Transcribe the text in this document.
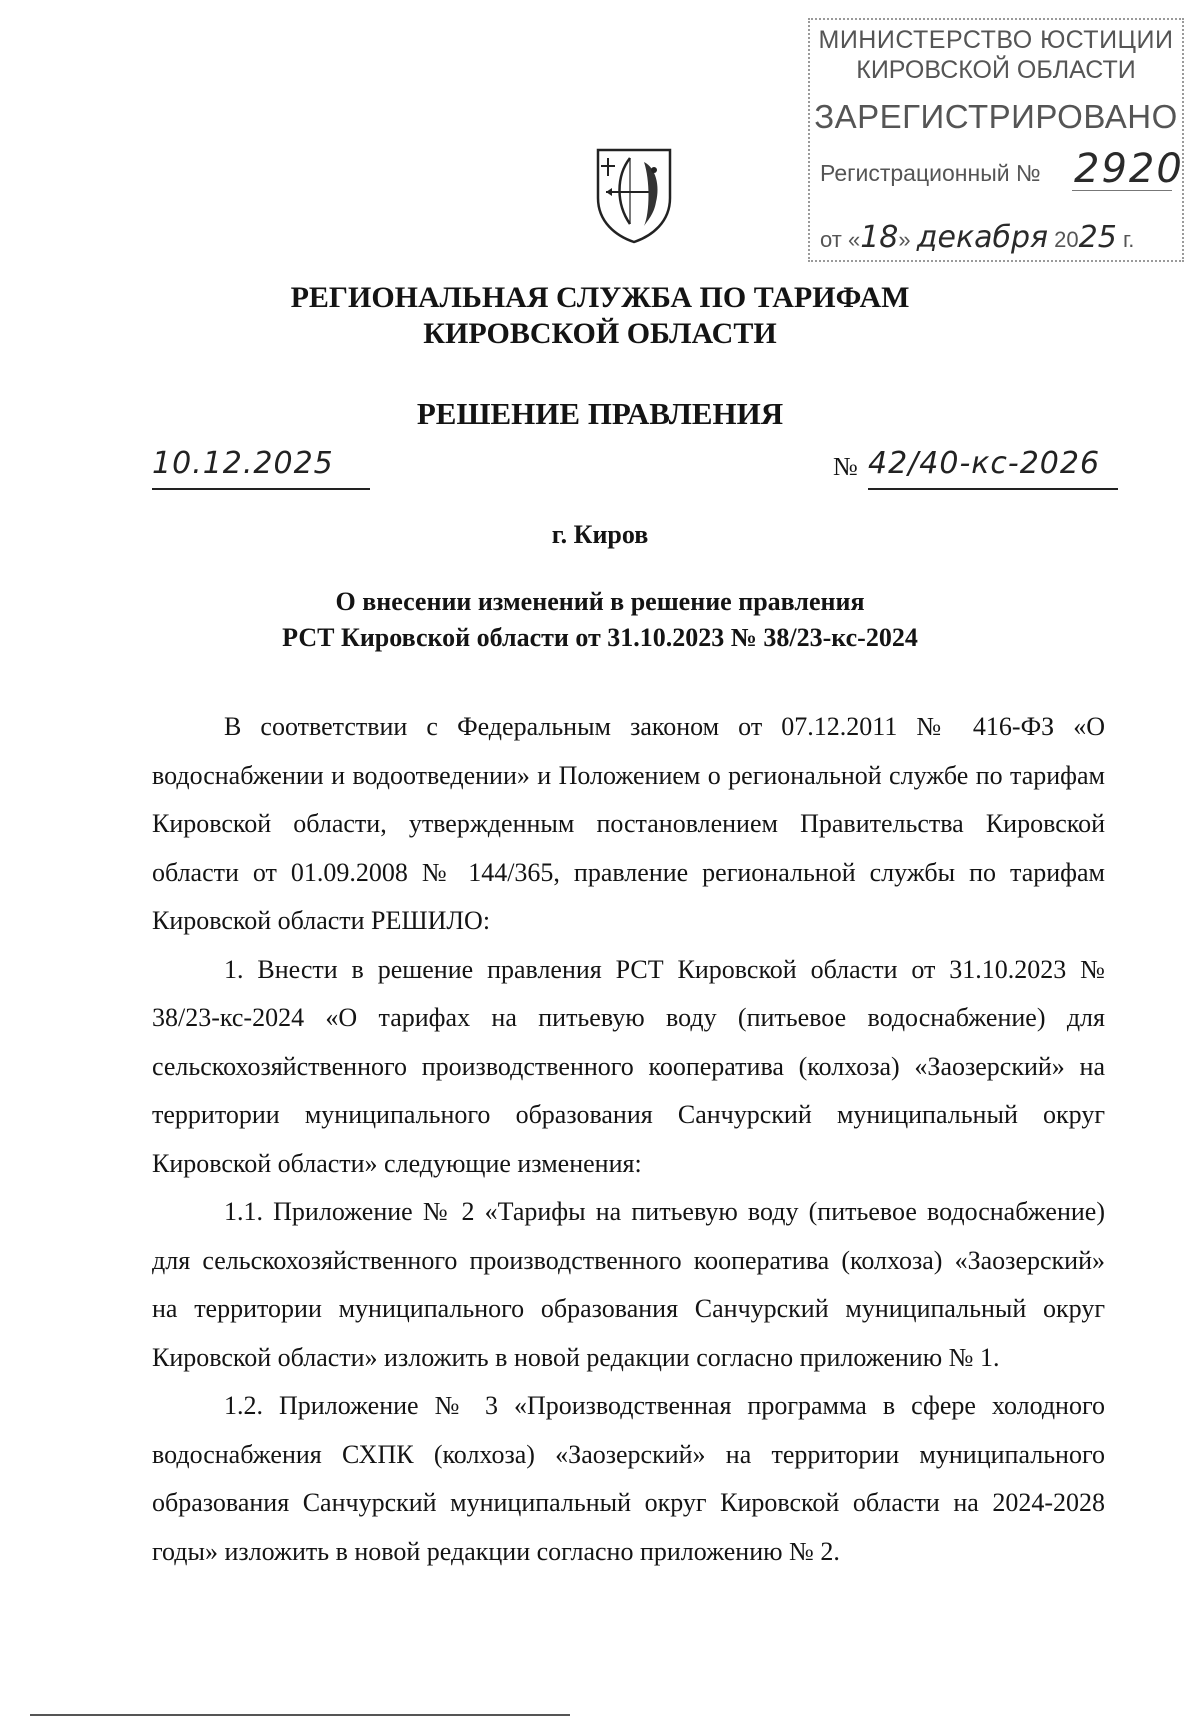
МИНИСТЕРСТВО ЮСТИЦИИ
КИРОВСКОЙ ОБЛАСТИ
ЗАРЕГИСТРИРОВАНО
Регистрационный № 2920
от «18» декабря 2025 г.
РЕГИОНАЛЬНАЯ СЛУЖБА ПО ТАРИФАМ
КИРОВСКОЙ ОБЛАСТИ
РЕШЕНИЕ ПРАВЛЕНИЯ
10.12.2025	№ 42/40-кс-2026
г. Киров
О внесении изменений в решение правления
РСТ Кировской области от 31.10.2023 № 38/23-кс-2024

В соответствии с Федеральным законом от 07.12.2011 № 416-ФЗ «О водоснабжении и водоотведении» и Положением о региональной службе по тарифам Кировской области, утвержденным постановлением Правительства Кировской области от 01.09.2008 № 144/365, правление региональной службы по тарифам Кировской области РЕШИЛО:

1. Внести в решение правления РСТ Кировской области от 31.10.2023 № 38/23-кс-2024 «О тарифах на питьевую воду (питьевое водоснабжение) для сельскохозяйственного производственного кооператива (колхоза) «Заозерский» на территории муниципального образования Санчурский муниципальный округ Кировской области» следующие изменения:

1.1. Приложение № 2 «Тарифы на питьевую воду (питьевое водоснабжение) для сельскохозяйственного производственного кооператива (колхоза) «Заозерский» на территории муниципального образования Санчурский муниципальный округ Кировской области» изложить в новой редакции согласно приложению № 1.

1.2. Приложение № 3 «Производственная программа в сфере холодного водоснабжения СХПК (колхоза) «Заозерский» на территории муниципального образования Санчурский муниципальный округ Кировской области на 2024-2028 годы» изложить в новой редакции согласно приложению № 2.
